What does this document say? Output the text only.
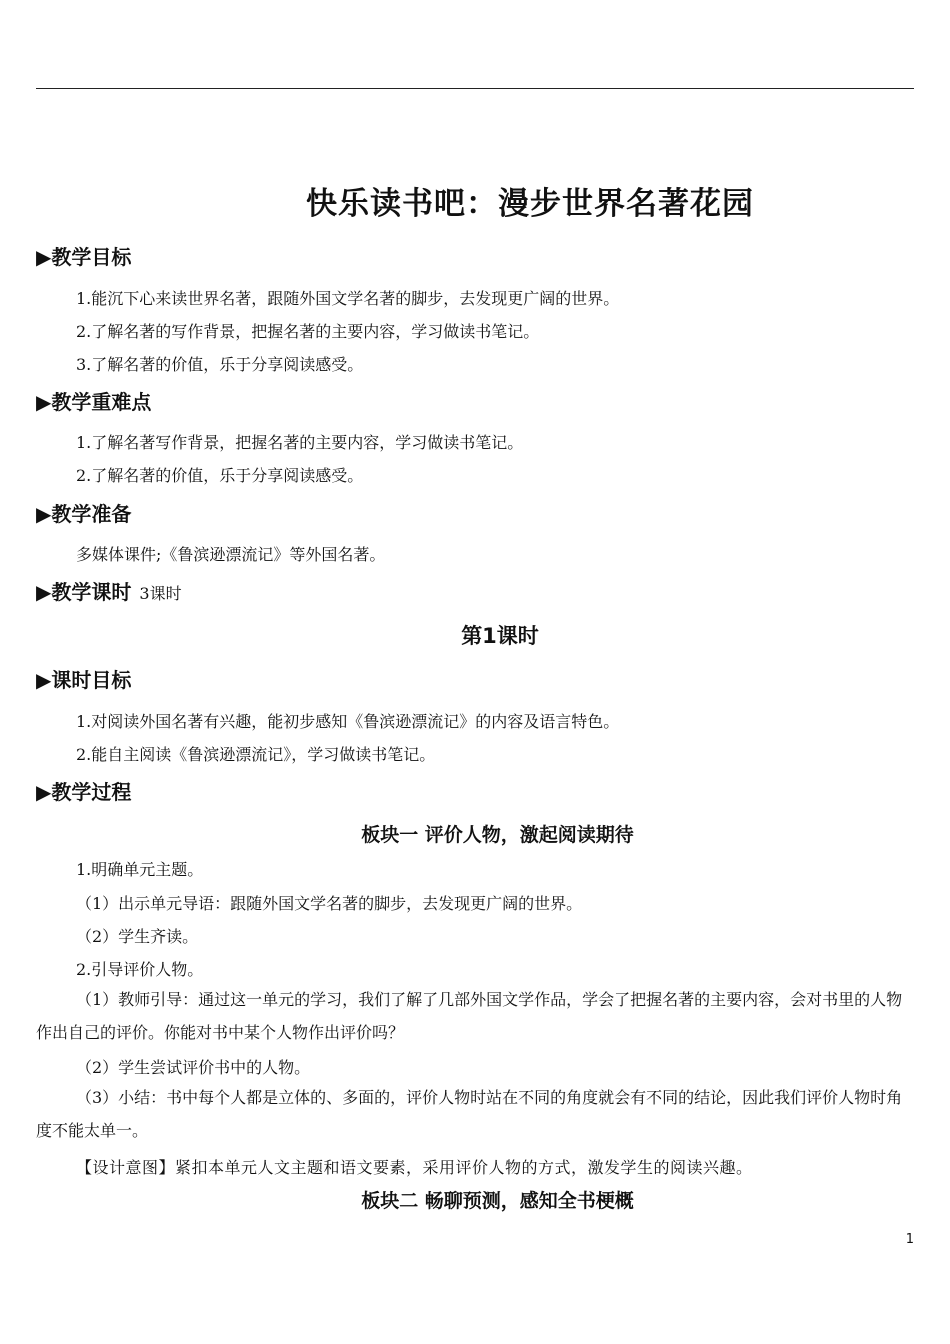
快乐读书吧：漫步世界名著花园
▶教学目标
1.能沉下心来读世界名著，跟随外国文学名著的脚步，去发现更广阔的世界。
2.了解名著的写作背景，把握名著的主要内容，学习做读书笔记。
3.了解名著的价值，乐于分享阅读感受。
▶教学重难点
1.了解名著写作背景，把握名著的主要内容，学习做读书笔记。
2.了解名著的价值，乐于分享阅读感受。
▶教学准备
多媒体课件;《鲁滨逊漂流记》等外国名著。
▶教学课时 3课时
第1课时
▶课时目标
1.对阅读外国名著有兴趣，能初步感知《鲁滨逊漂流记》的内容及语言特色。
2.能自主阅读《鲁滨逊漂流记》，学习做读书笔记。
▶教学过程
板块一 评价人物，激起阅读期待
1.明确单元主题。
（1）出示单元导语：跟随外国文学名著的脚步，去发现更广阔的世界。
（2）学生齐读。
2.引导评价人物。
（1）教师引导：通过这一单元的学习，我们了解了几部外国文学作品，学会了把握名著的主要内容，会对书里的人物作出自己的评价。你能对书中某个人物作出评价吗？
（2）学生尝试评价书中的人物。
（3）小结：书中每个人都是立体的、多面的，评价人物时站在不同的角度就会有不同的结论，因此我们评价人物时角度不能太单一。
【设计意图】紧扣本单元人文主题和语文要素，采用评价人物的方式，激发学生的阅读兴趣。
板块二 畅聊预测，感知全书梗概
1
